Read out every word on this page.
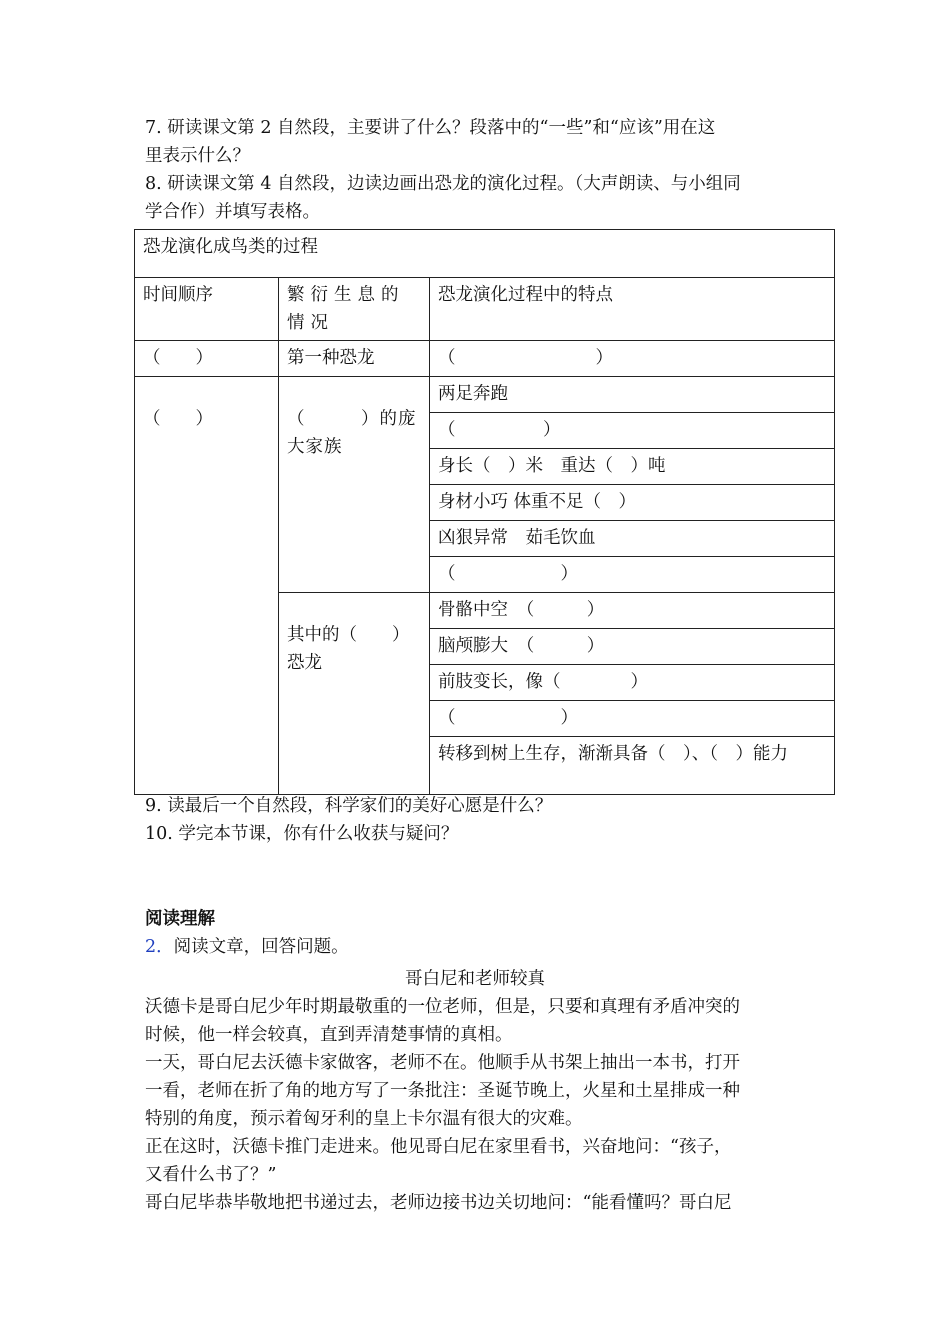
7. 研读课文第 2 自然段，主要讲了什么？段落中的“一些”和“应该”用在这
里表示什么？
8. 研读课文第 4 自然段，边读边画出恐龙的演化过程。（大声朗读、与小组同
学合作）并填写表格。
恐龙演化成鸟类的过程		
时间顺序	繁衍生息的情况	恐龙演化过程中的特点
（　　）	第一种恐龙	（　　　　　　　　）
（　　）	（　　　）的庞大家族	两足奔跑
		（　　　　　）
		身长（　）米　重达（　）吨
		身材小巧 体重不足（　）
		凶狠异常　茹毛饮血
		（　　　　　　）
	其中的（　　）恐龙	骨骼中空　（　　　）
		脑颅膨大　（　　　）
		前肢变长，像（　　　　）
		（　　　　　　）
		转移到树上生存，渐渐具备（　）、（　）能力
9. 读最后一个自然段，科学家们的美好心愿是什么？
10. 学完本节课，你有什么收获与疑问？
阅读理解
2．阅读文章，回答问题。
哥白尼和老师较真
沃德卡是哥白尼少年时期最敬重的一位老师，但是，只要和真理有矛盾冲突的
时候，他一样会较真，直到弄清楚事情的真相。
一天，哥白尼去沃德卡家做客，老师不在。他顺手从书架上抽出一本书，打开
一看，老师在折了角的地方写了一条批注：圣诞节晚上，火星和土星排成一种
特别的角度，预示着匈牙利的皇上卡尔温有很大的灾难。
正在这时，沃德卡推门走进来。他见哥白尼在家里看书，兴奋地问：“孩子，
又看什么书了？”
哥白尼毕恭毕敬地把书递过去，老师边接书边关切地问：“能看懂吗？哥白尼
